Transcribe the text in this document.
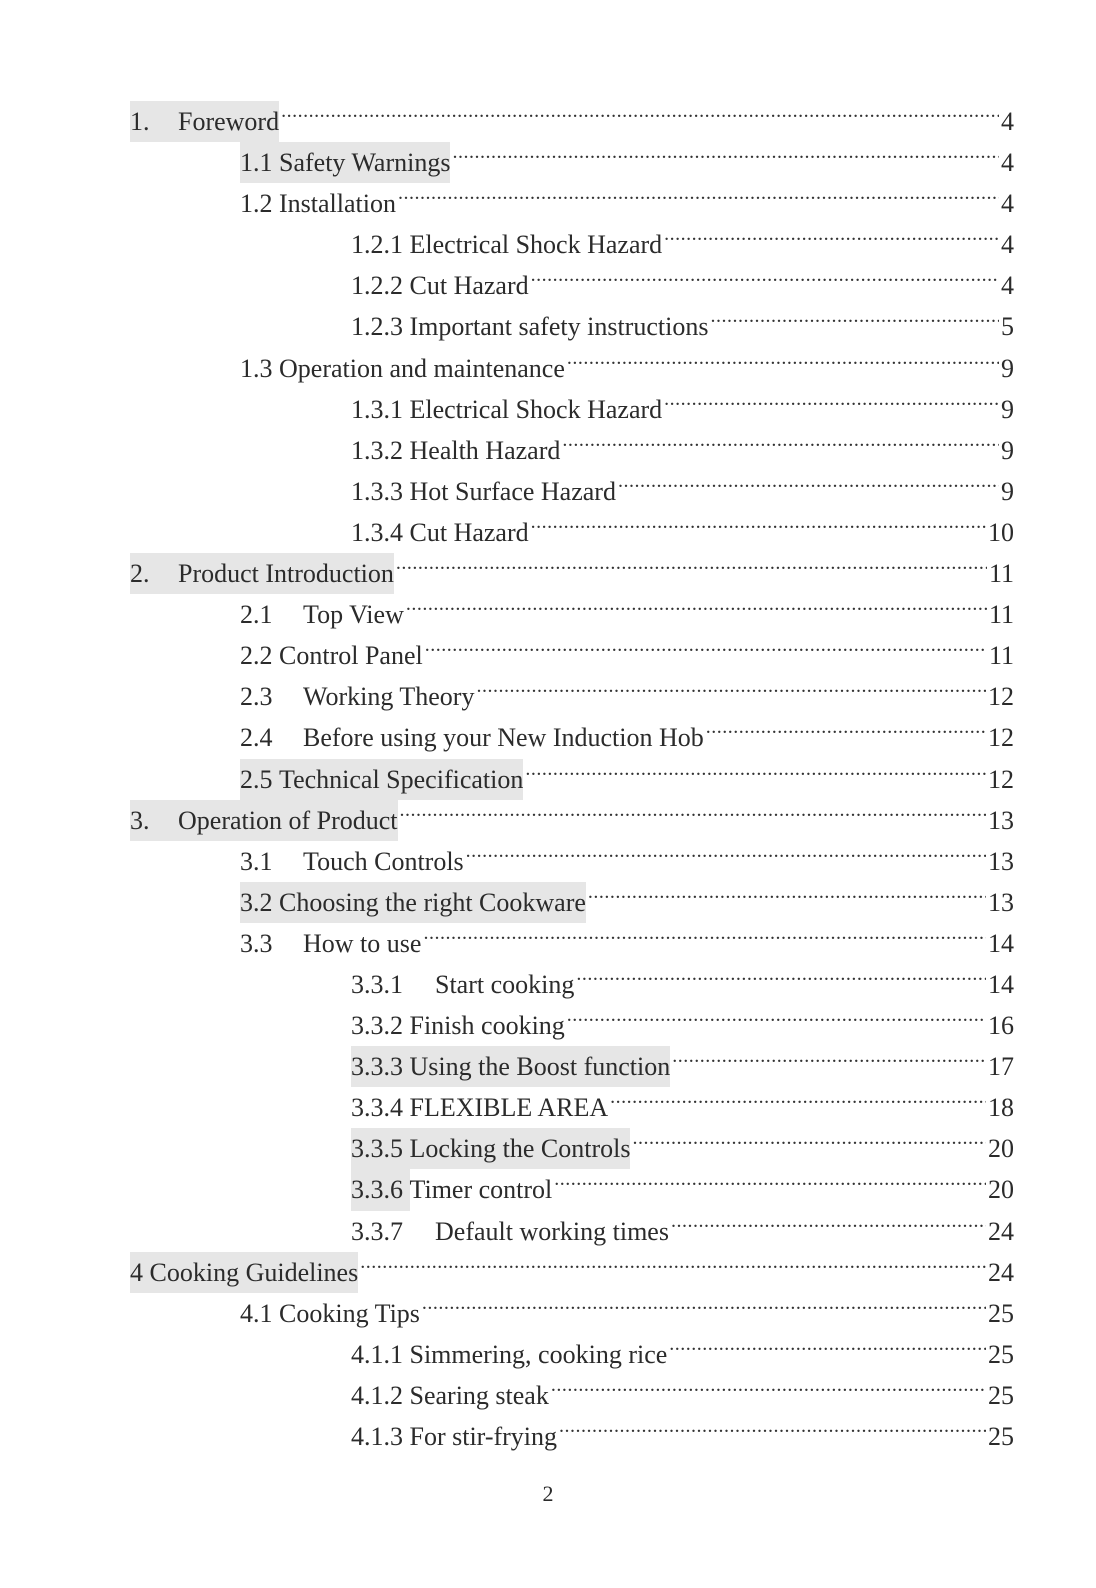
1.	Foreword .....	4
1.1 Safety Warnings .....	4
1.2 Installation .....	4
1.2.1 Electrical Shock Hazard .....	4
1.2.2 Cut Hazard .....	4
1.2.3 Important safety instructions .....	5
1.3 Operation and maintenance .....	9
1.3.1 Electrical Shock Hazard .....	9
1.3.2 Health Hazard .....	9
1.3.3 Hot Surface Hazard .....	9
1.3.4 Cut Hazard .....	10
2.	Product Introduction .....	11
2.1	Top View .....	11
2.2 Control Panel .....	11
2.3	Working Theory .....	12
2.4	Before using your New Induction Hob .....	12
2.5 Technical Specification .....	12
3.	Operation of Product .....	13
3.1	Touch Controls .....	13
3.2 Choosing the right Cookware .....	13
3.3	How to use .....	14
3.3.1	Start cooking .....	14
3.3.2 Finish cooking .....	16
3.3.3 Using the Boost function .....	17
3.3.4 FLEXIBLE AREA .....	18
3.3.5 Locking the Controls .....	20
3.3.6 Timer control .....	20
3.3.7	Default working times .....	24
4 Cooking Guidelines .....	24
4.1 Cooking Tips .....	25
4.1.1 Simmering, cooking rice .....	25
4.1.2 Searing steak .....	25
4.1.3 For stir-frying .....	25
2
